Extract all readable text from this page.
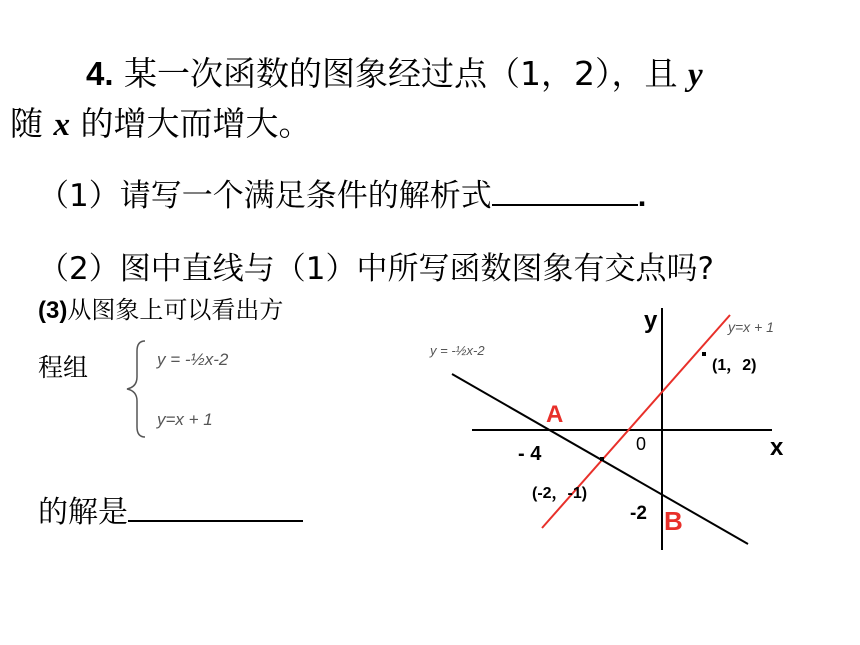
4. 某一次函数的图象经过点（1，2），且 y
随 x 的增大而增大。
（1）请写一个满足条件的解析式	.
（2）图中直线与（1）中所写函数图象有交点吗?
(3)从图象上可以看出方
程组	y = -½x-2
y=x + 1
的解是
y
x
0
- 4
-2
A
B
(1，2)
(-2，-1)
y=x + 1
y = -½x-2
